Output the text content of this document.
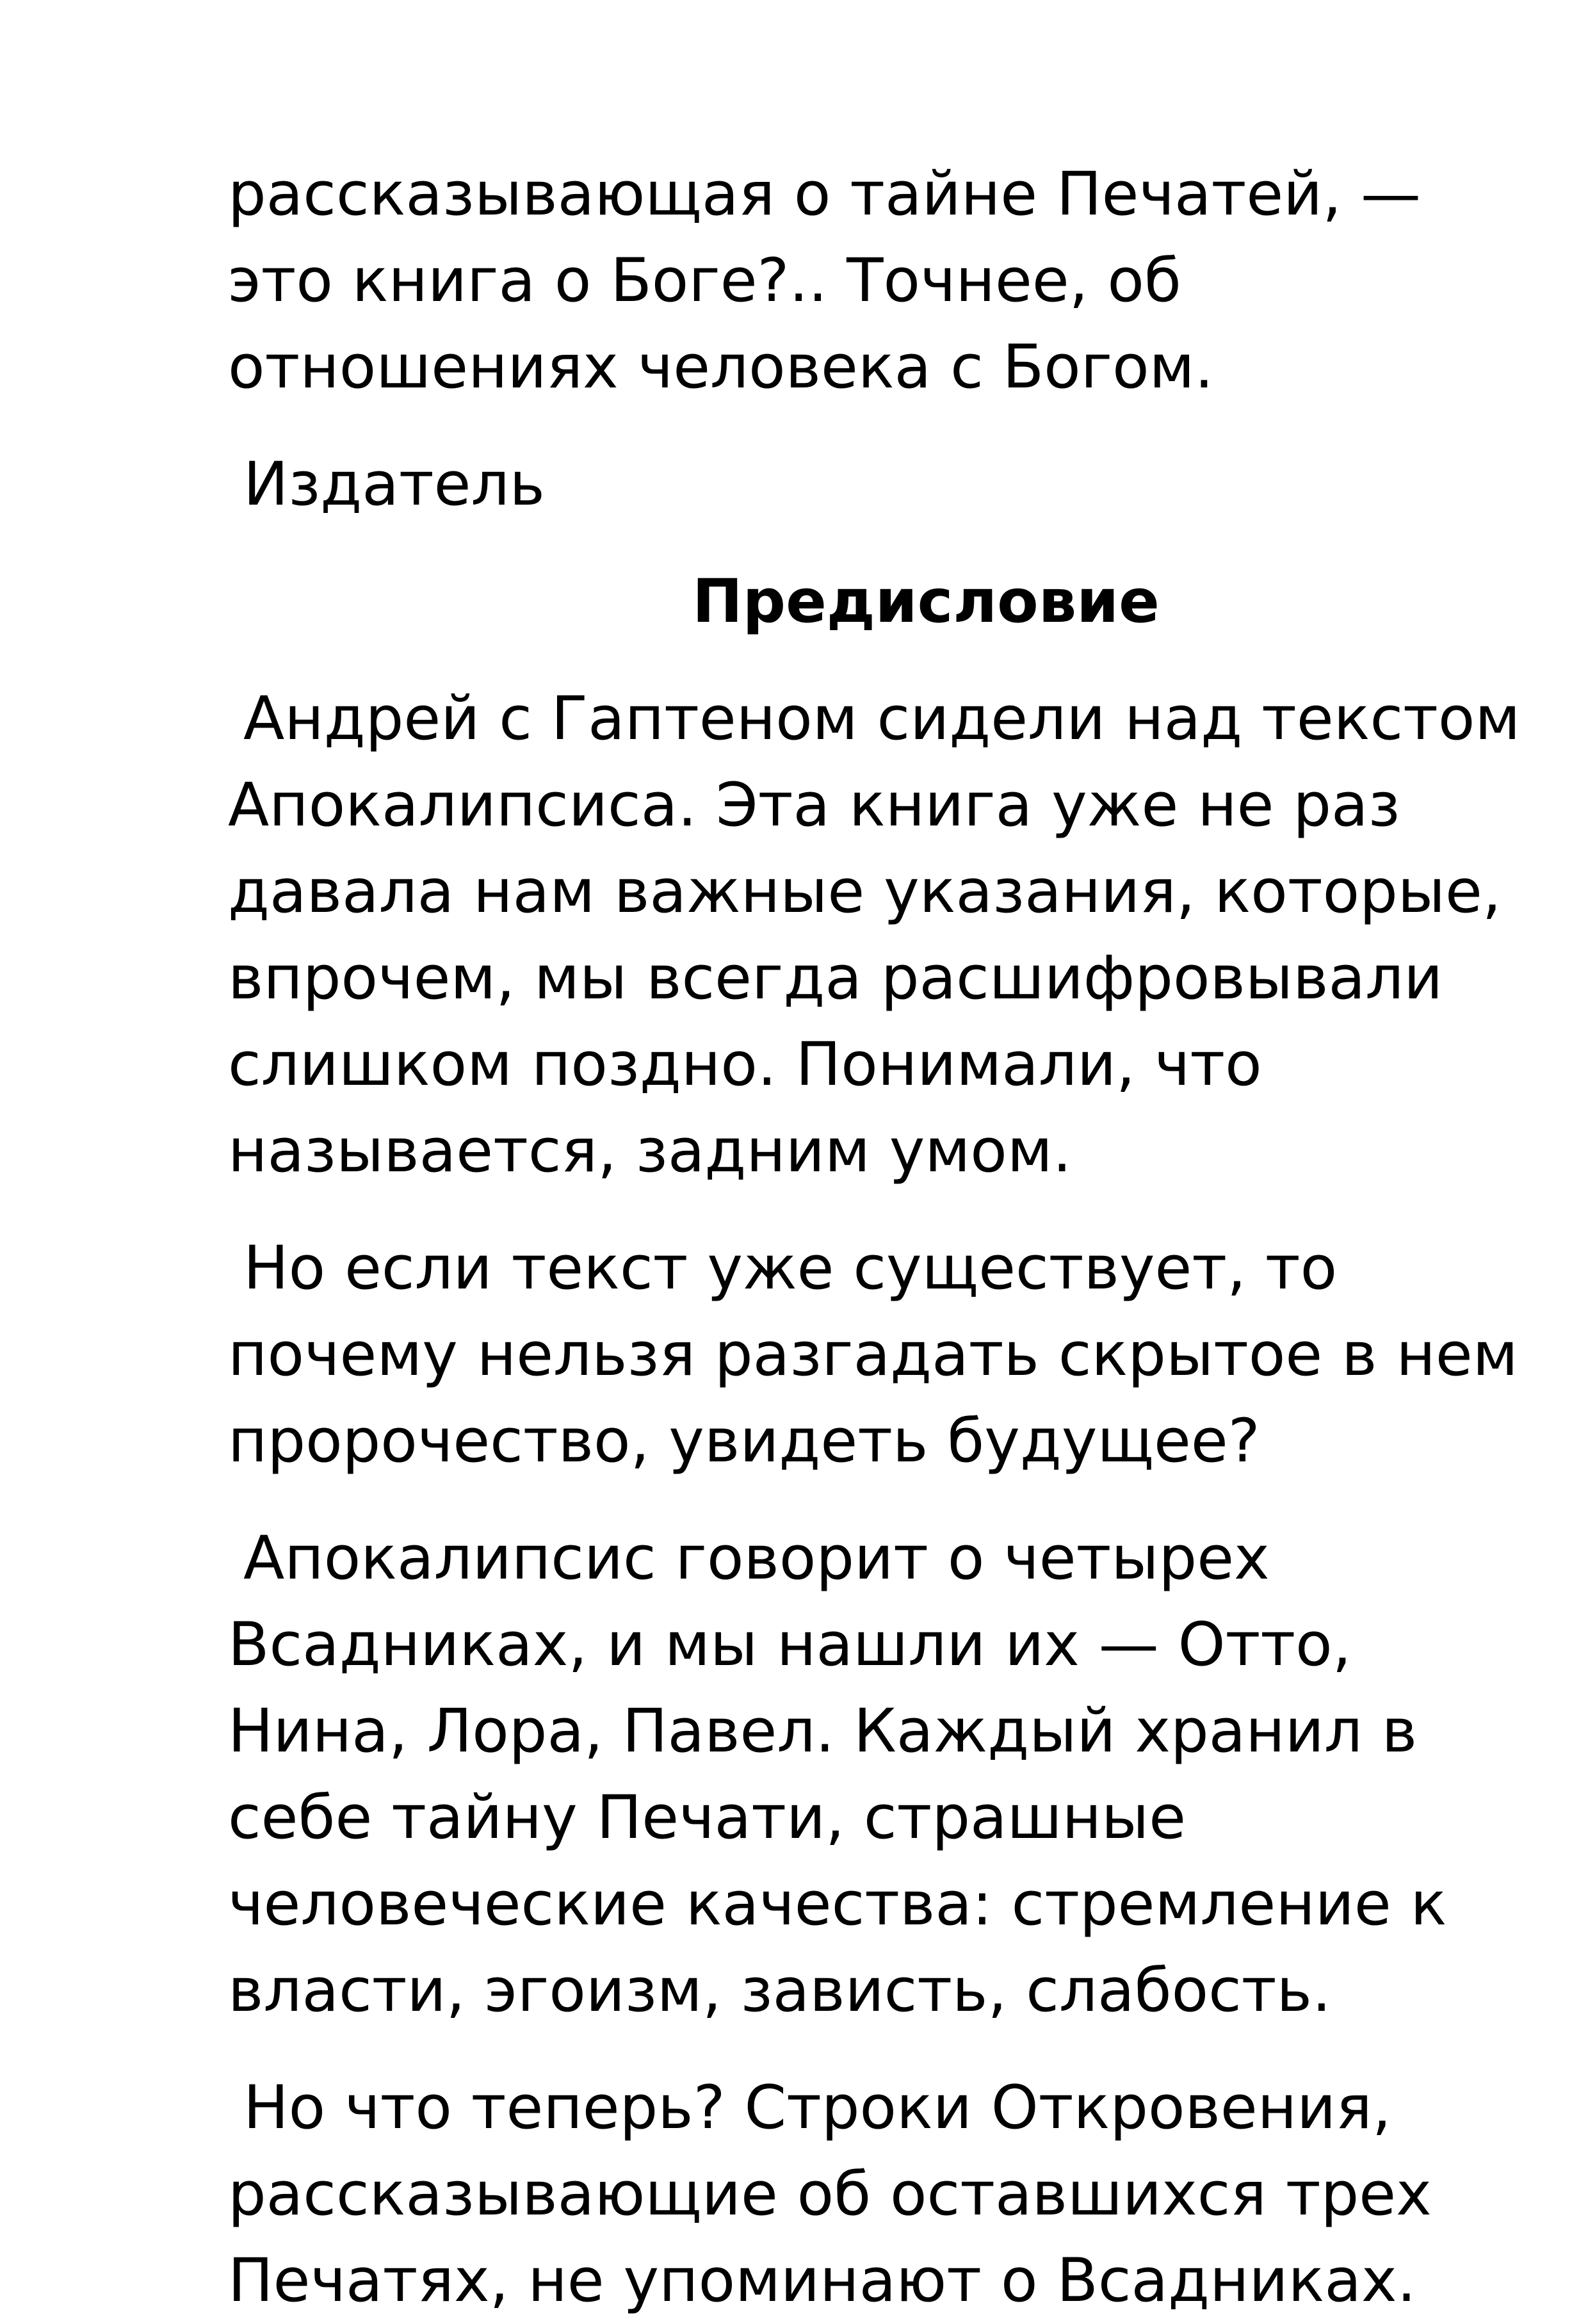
рассказывающая о тайне Печатей, —
это книга о Боге?.. Точнее, об
отношениях человека с Богом.

Издатель

Предисловие

Андрей с Гаптеном сидели над текстом
Апокалипсиса. Эта книга уже не раз
давала нам важные указания, которые,
впрочем, мы всегда расшифровывали
слишком поздно. Понимали, что
называется, задним умом.

Но если текст уже существует, то
почему нельзя разгадать скрытое в нем
пророчество, увидеть будущее?

Апокалипсис говорит о четырех
Всадниках, и мы нашли их — Отто,
Нина, Лора, Павел. Каждый хранил в
себе тайну Печати, страшные
человеческие качества: стремление к
власти, эгоизм, зависть, слабость.

Но что теперь? Строки Откровения,
рассказывающие об оставшихся трех
Печатях, не упоминают о Всадниках.
